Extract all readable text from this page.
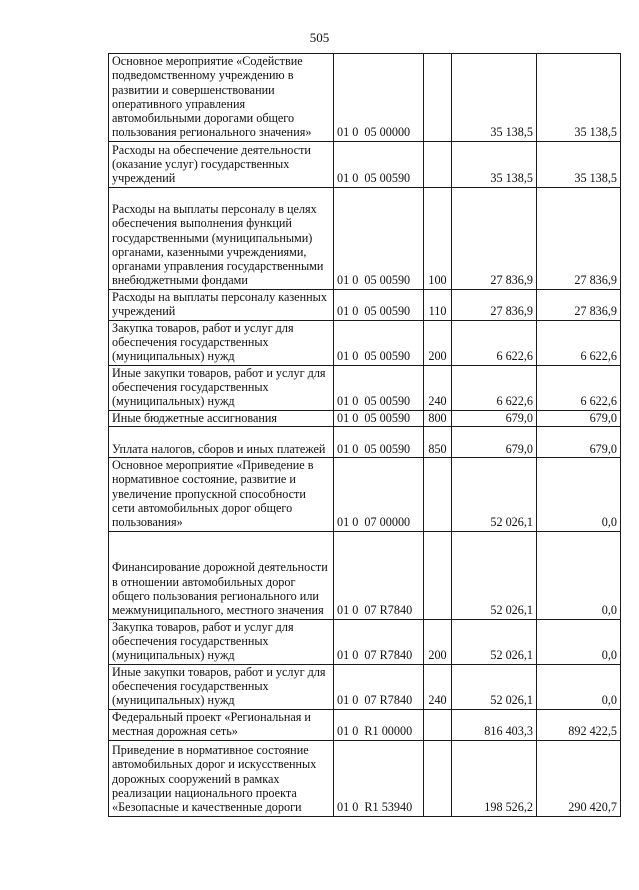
505
Основное мероприятие «Содействие подведомственному учреждению в развитии и совершенствовании оперативного управления автомобильными дорогами общего пользования регионального значения»	01 0  05 00000		35 138,5	35 138,5
Расходы на обеспечение деятельности (оказание услуг) государственных учреждений	01 0  05 00590		35 138,5	35 138,5
Расходы на выплаты персоналу в целях обеспечения выполнения функций государственными (муниципальными) органами, казенными учреждениями, органами управления государственными внебюджетными фондами	01 0  05 00590	100	27 836,9	27 836,9
Расходы на выплаты персоналу казенных учреждений	01 0  05 00590	110	27 836,9	27 836,9
Закупка товаров, работ и услуг для обеспечения государственных (муниципальных) нужд	01 0  05 00590	200	6 622,6	6 622,6
Иные закупки товаров, работ и услуг для обеспечения государственных (муниципальных) нужд	01 0  05 00590	240	6 622,6	6 622,6
Иные бюджетные ассигнования	01 0  05 00590	800	679,0	679,0
Уплата налогов, сборов и иных платежей	01 0  05 00590	850	679,0	679,0
Основное мероприятие «Приведение в нормативное состояние, развитие и увеличение пропускной способности сети автомобильных дорог общего пользования»	01 0  07 00000		52 026,1	0,0
Финансирование дорожной деятельности в отношении автомобильных дорог общего пользования регионального или межмуниципального, местного значения	01 0  07 R7840		52 026,1	0,0
Закупка товаров, работ и услуг для обеспечения государственных (муниципальных) нужд	01 0  07 R7840	200	52 026,1	0,0
Иные закупки товаров, работ и услуг для обеспечения государственных (муниципальных) нужд	01 0  07 R7840	240	52 026,1	0,0
Федеральный проект «Региональная и местная дорожная сеть»	01 0  R1 00000		816 403,3	892 422,5
Приведение в нормативное состояние автомобильных дорог и искусственных дорожных сооружений в рамках реализации национального проекта «Безопасные и качественные дороги	01 0  R1 53940		198 526,2	290 420,7
